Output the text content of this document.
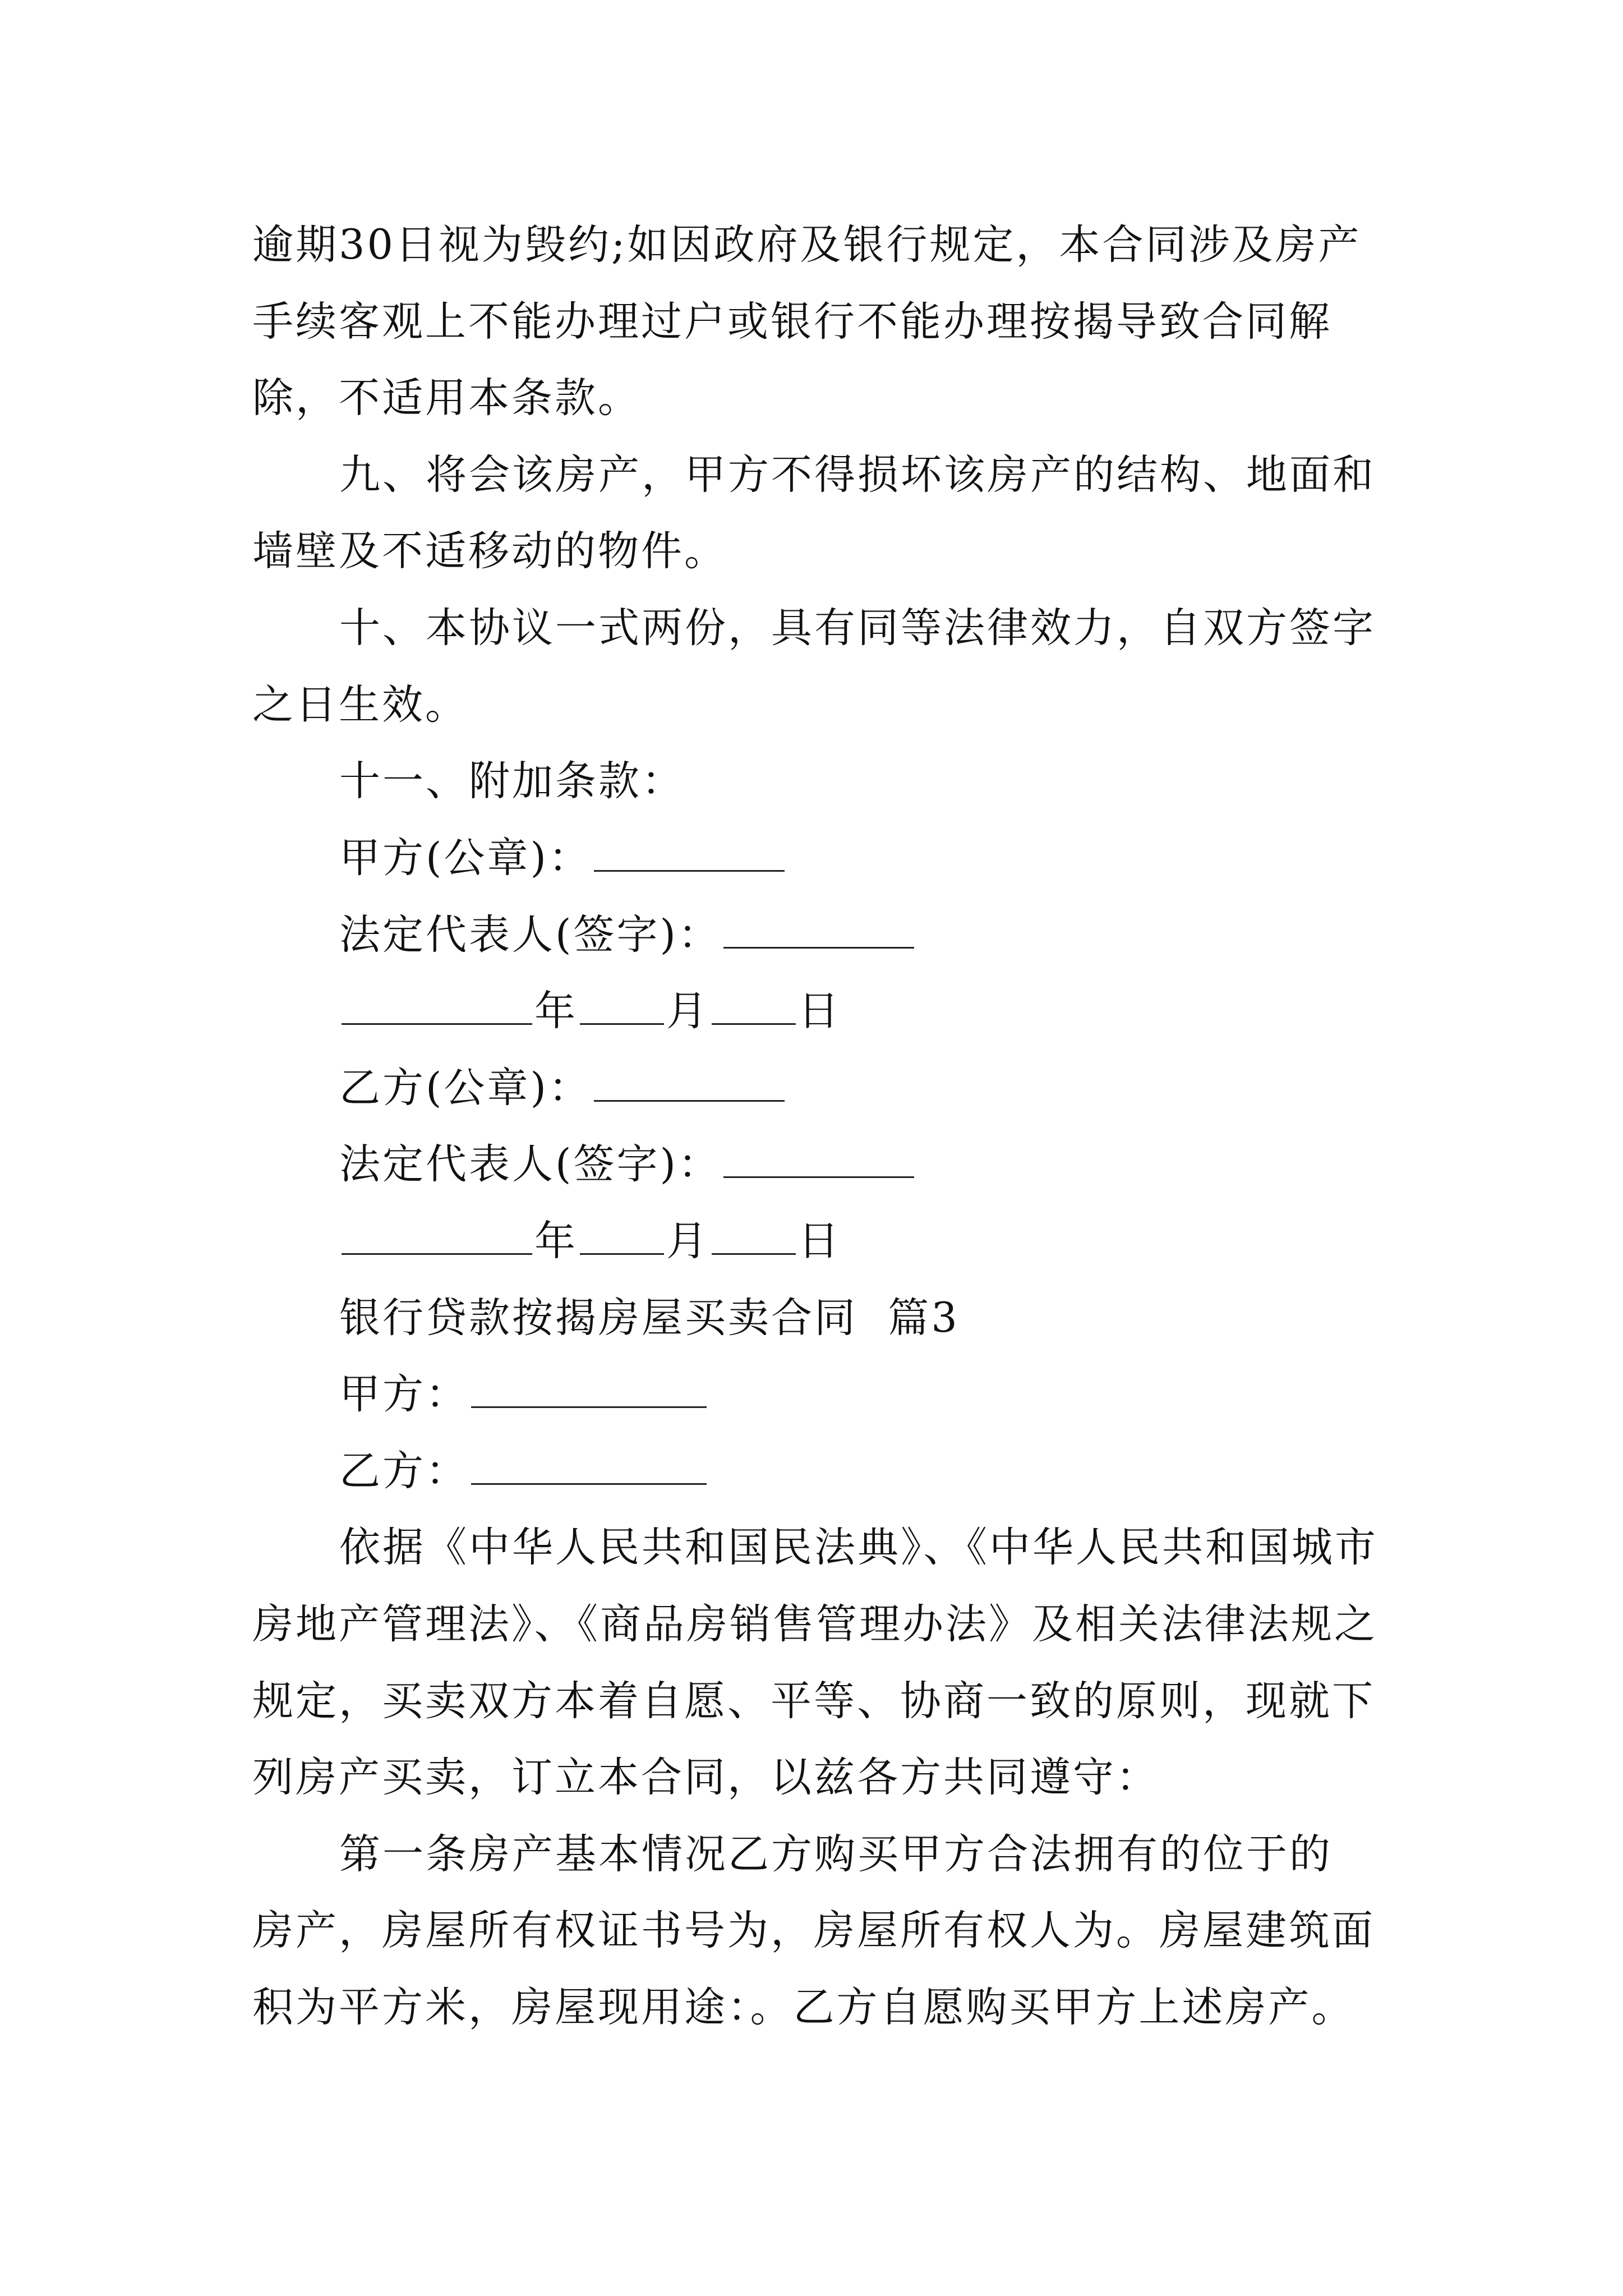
逾期30日视为毁约;如因政府及银行规定，本合同涉及房产
手续客观上不能办理过户或银行不能办理按揭导致合同解
除，不适用本条款。
九、将会该房产，甲方不得损坏该房产的结构、地面和
墙壁及不适移动的物件。
十、本协议一式两份，具有同等法律效力，自双方签字
之日生效。
十一、附加条款：
甲方(公章)：
法定代表人(签字)：
年 月 日
乙方(公章)：
法定代表人(签字)：
年 月 日
银行贷款按揭房屋买卖合同  篇3
甲方：
乙方：
依据《中华人民共和国民法典》、《中华人民共和国城市
房地产管理法》、《商品房销售管理办法》及相关法律法规之
规定，买卖双方本着自愿、平等、协商一致的原则，现就下
列房产买卖，订立本合同，以兹各方共同遵守：
第一条房产基本情况乙方购买甲方合法拥有的位于的
房产，房屋所有权证书号为，房屋所有权人为。房屋建筑面
积为平方米，房屋现用途：。乙方自愿购买甲方上述房产。
